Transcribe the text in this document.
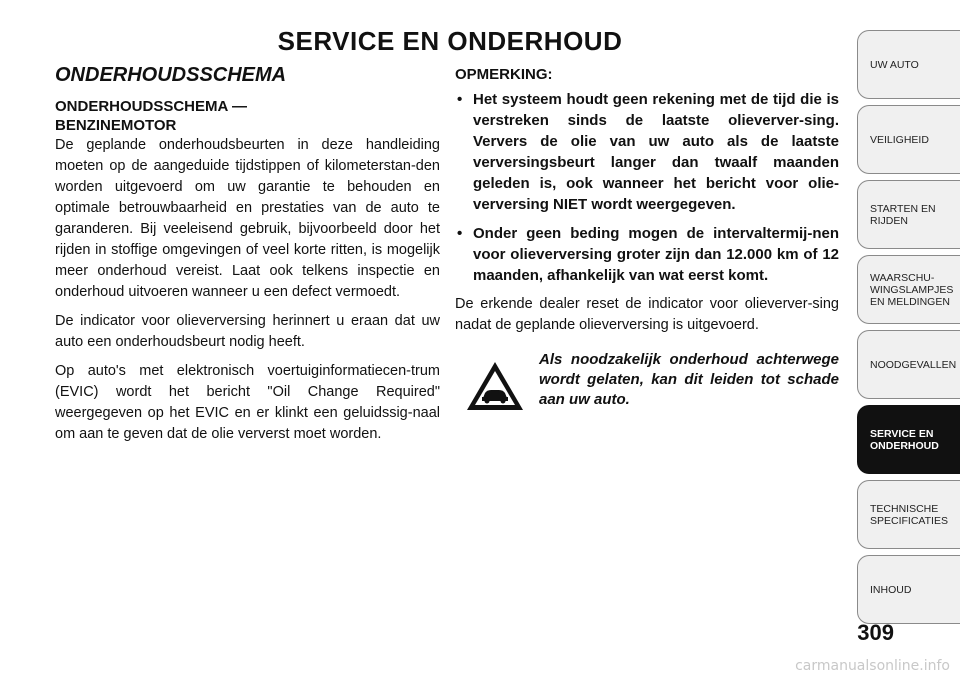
SERVICE EN ONDERHOUD
ONDERHOUDSSCHEMA
ONDERHOUDSSCHEMA —
BENZINEMOTOR

De geplande onderhoudsbeurten in deze handleiding moeten op de aangeduide tijdstippen of kilometerstan-den worden uitgevoerd om uw garantie te behouden en optimale betrouwbaarheid en prestaties van de auto te garanderen. Bij veeleisend gebruik, bijvoorbeeld door het rijden in stoffige omgevingen of veel korte ritten, is mogelijk meer onderhoud vereist. Laat ook telkens inspectie en onderhoud uitvoeren wanneer u een defect vermoedt.

De indicator voor olieverversing herinnert u eraan dat uw auto een onderhoudsbeurt nodig heeft.

Op auto's met elektronisch voertuiginformatiecen-trum (EVIC) wordt het bericht "Oil Change Required" weergegeven op het EVIC en er klinkt een geluidssig-naal om aan te geven dat de olie ververst moet worden.

OPMERKING:
• Het systeem houdt geen rekening met de tijd die is verstreken sinds de laatste olieverver-sing. Ververs de olie van uw auto als de laatste verversingsbeurt langer dan twaalf maanden geleden is, ook wanneer het bericht voor olie-verversing NIET wordt weergegeven.
• Onder geen beding mogen de intervaltermij-nen voor olieverversing groter zijn dan 12.000 km of 12 maanden, afhankelijk van wat eerst komt.

De erkende dealer reset de indicator voor olieverver-sing nadat de geplande olieverversing is uitgevoerd.

Als noodzakelijk onderhoud achterwege wordt gelaten, kan dit leiden tot schade aan uw auto.
UW AUTO
VEILIGHEID
STARTEN EN
RIJDEN
WAARSCHU-
WINGSLAMPJES
EN MELDINGEN
NOODGEVALLEN
SERVICE EN
ONDERHOUD
TECHNISCHE
SPECIFICATIES
INHOUD
309
carmanualsonline.info
